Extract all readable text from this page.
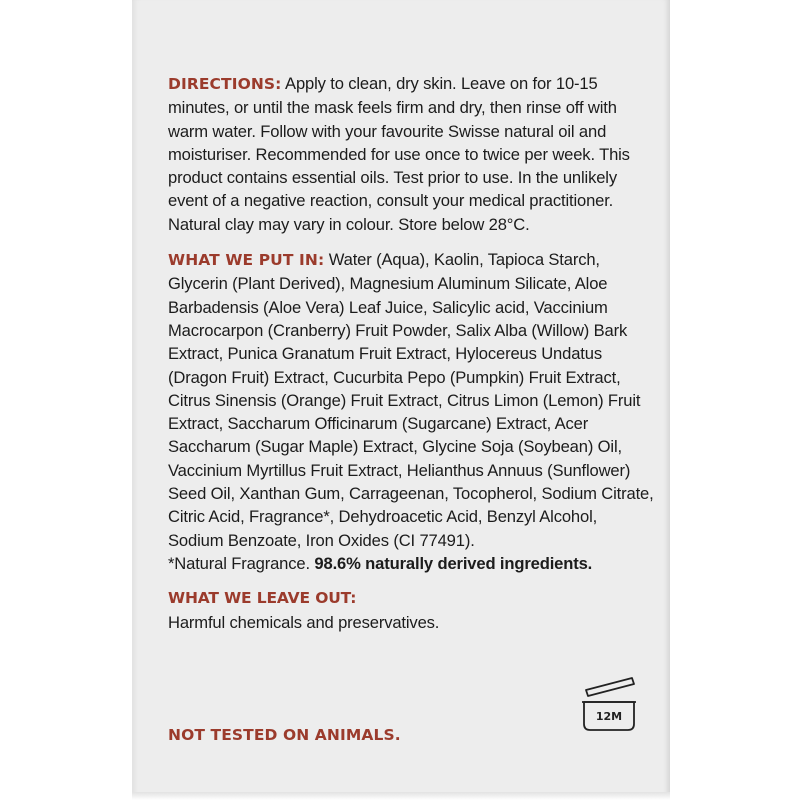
DIRECTIONS: Apply to clean, dry skin. Leave on for 10-15 minutes, or until the mask feels firm and dry, then rinse off with warm water. Follow with your favourite Swisse natural oil and moisturiser. Recommended for use once to twice per week. This product contains essential oils. Test prior to use. In the unlikely event of a negative reaction, consult your medical practitioner. Natural clay may vary in colour. Store below 28°C.
WHAT WE PUT IN: Water (Aqua), Kaolin, Tapioca Starch, Glycerin (Plant Derived), Magnesium Aluminum Silicate, Aloe Barbadensis (Aloe Vera) Leaf Juice, Salicylic acid, Vaccinium Macrocarpon (Cranberry) Fruit Powder, Salix Alba (Willow) Bark Extract, Punica Granatum Fruit Extract, Hylocereus Undatus (Dragon Fruit) Extract, Cucurbita Pepo (Pumpkin) Fruit Extract, Citrus Sinensis (Orange) Fruit Extract, Citrus Limon (Lemon) Fruit Extract, Saccharum Officinarum (Sugarcane) Extract, Acer Saccharum (Sugar Maple) Extract, Glycine Soja (Soybean) Oil, Vaccinium Myrtillus Fruit Extract, Helianthus Annuus (Sunflower) Seed Oil, Xanthan Gum, Carrageenan, Tocopherol, Sodium Citrate, Citric Acid, Fragrance*, Dehydroacetic Acid, Benzyl Alcohol, Sodium Benzoate, Iron Oxides (CI 77491).
*Natural Fragrance. 98.6% naturally derived ingredients.
WHAT WE LEAVE OUT:
Harmful chemicals and preservatives.
NOT TESTED ON ANIMALS.
12M
